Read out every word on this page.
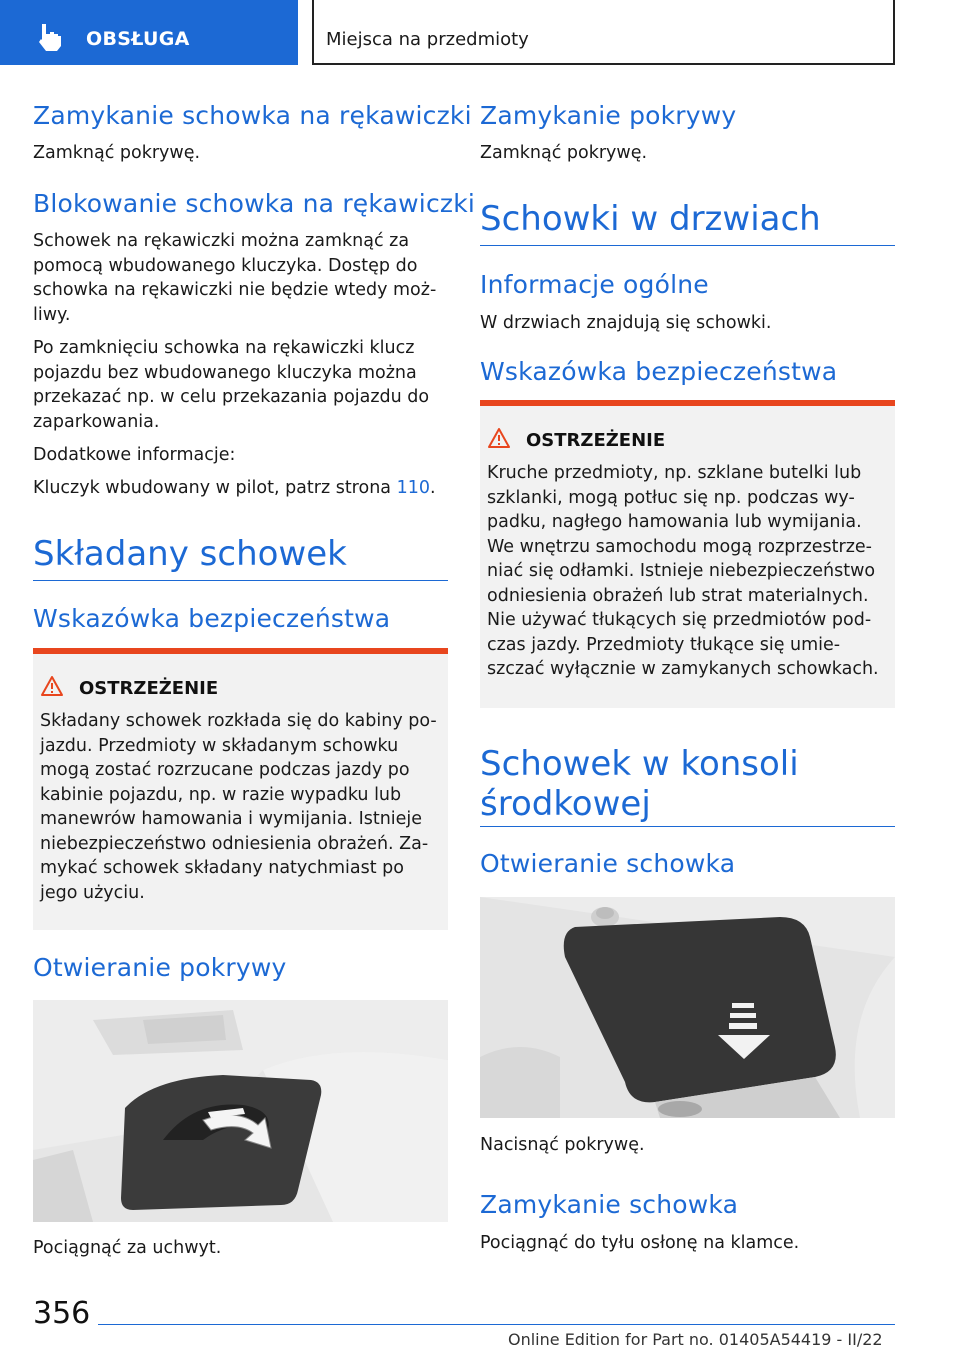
OBSŁUGA	Miejsca na przedmioty
Zamykanie schowka na rękawiczki
Zamknąć pokrywę.
Blokowanie schowka na rękawiczki
Schowek na rękawiczki można zamknąć za
pomocą wbudowanego kluczyka. Dostęp do
schowka na rękawiczki nie będzie wtedy moż-
liwy.
Po zamknięciu schowka na rękawiczki klucz
pojazdu bez wbudowanego kluczyka można
przekazać np. w celu przekazania pojazdu do
zaparkowania.
Dodatkowe informacje:
Kluczyk wbudowany w pilot, patrz strona 110.
Składany schowek
Wskazówka bezpieczeństwa
OSTRZEŻENIE
Składany schowek rozkłada się do kabiny po-
jazdu. Przedmioty w składanym schowku
mogą zostać rozrzucane podczas jazdy po
kabinie pojazdu, np. w razie wypadku lub
manewrów hamowania i wymijania. Istnieje
niebezpieczeństwo odniesienia obrażeń. Za-
mykać schowek składany natychmiast po
jego użyciu.
Otwieranie pokrywy
Pociągnąć za uchwyt.
Zamykanie pokrywy
Zamknąć pokrywę.
Schowki w drzwiach
Informacje ogólne
W drzwiach znajdują się schowki.
Wskazówka bezpieczeństwa
OSTRZEŻENIE
Kruche przedmioty, np. szklane butelki lub
szklanki, mogą potłuc się np. podczas wy-
padku, nagłego hamowania lub wymijania.
We wnętrzu samochodu mogą rozprzestrze-
niać się odłamki. Istnieje niebezpieczeństwo
odniesienia obrażeń lub strat materialnych.
Nie używać tłukących się przedmiotów pod-
czas jazdy. Przedmioty tłukące się umie-
szczać wyłącznie w zamykanych schowkach.
Schowek w konsoli
środkowej
Otwieranie schowka
Nacisnąć pokrywę.
Zamykanie schowka
Pociągnąć do tyłu osłonę na klamce.
356
Online Edition for Part no. 01405A54419 - II/22
